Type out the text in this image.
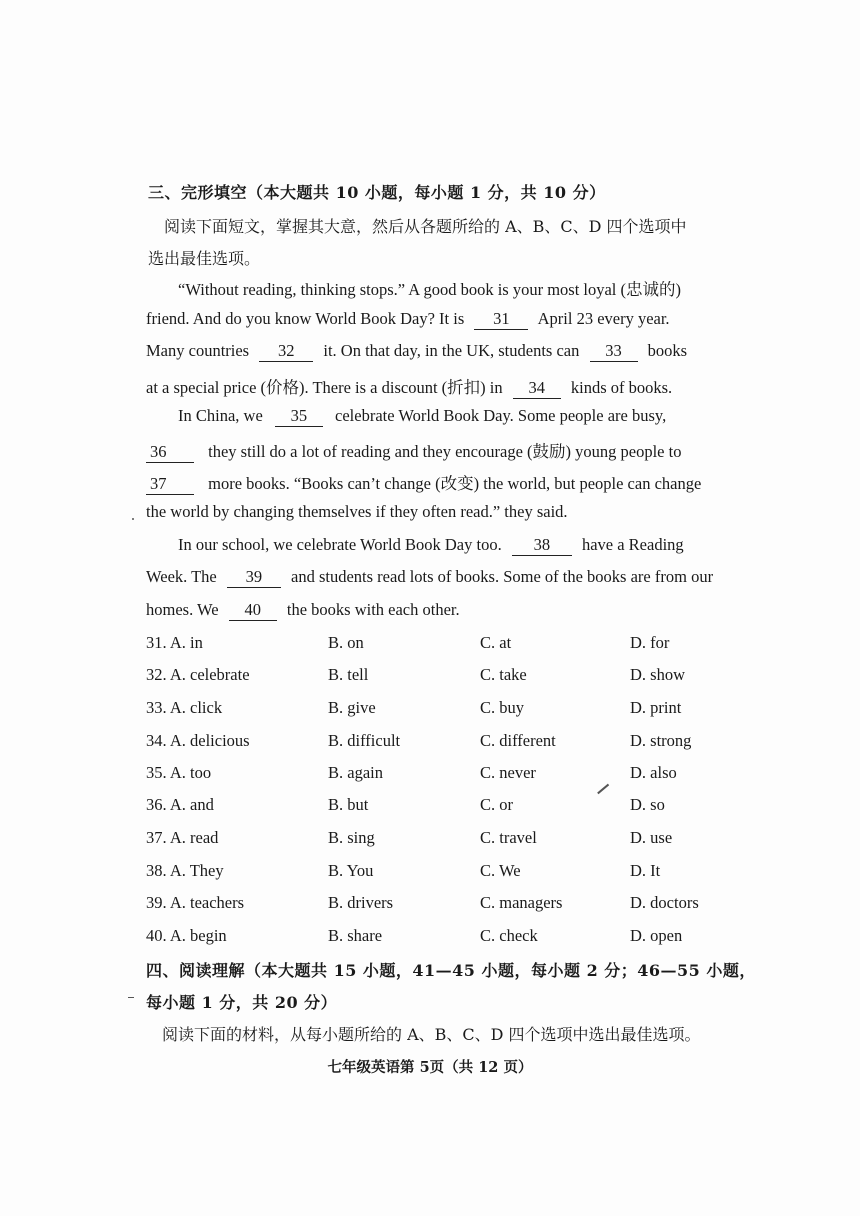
三、完形填空（本大题共 10 小题，每小题 1 分，共 10 分）
阅读下面短文，掌握其大意，然后从各题所给的 A、B、C、D 四个选项中
选出最佳选项。
“Without reading, thinking stops.” A good book is your most loyal (忠诚的)
friend. And do you know World Book Day? It is 31 April 23 every year.
Many countries 32 it. On that day, in the UK, students can 33 books
at a special price (价格). There is a discount (折扣) in 34 kinds of books.
In China, we 35 celebrate World Book Day. Some people are busy,
36	they still do a lot of reading and they encourage (鼓励) young people to
37	more books. “Books can’t change (改变) the world, but people can change
the world by changing themselves if they often read.” they said.
In our school, we celebrate World Book Day too. 38 have a Reading
Week. The 39 and students read lots of books. Some of the books are from our
homes. We 40 the books with each other.
31. A. in	B. on	C. at	D. for
32. A. celebrate	B. tell	C. take	D. show
33. A. click	B. give	C. buy	D. print
34. A. delicious	B. difficult	C. different	D. strong
35. A. too	B. again	C. never	D. also
36. A. and	B. but	C. or	D. so
37. A. read	B. sing	C. travel	D. use
38. A. They	B. You	C. We	D. It
39. A. teachers	B. drivers	C. managers	D. doctors
40. A. begin	B. share	C. check	D. open
四、阅读理解（本大题共 15 小题，41—45 小题，每小题 2 分；46—55 小题，
每小题 1 分，共 20 分）
阅读下面的材料，从每小题所给的 A、B、C、D 四个选项中选出最佳选项。
七年级英语第 5页（共 12 页）
